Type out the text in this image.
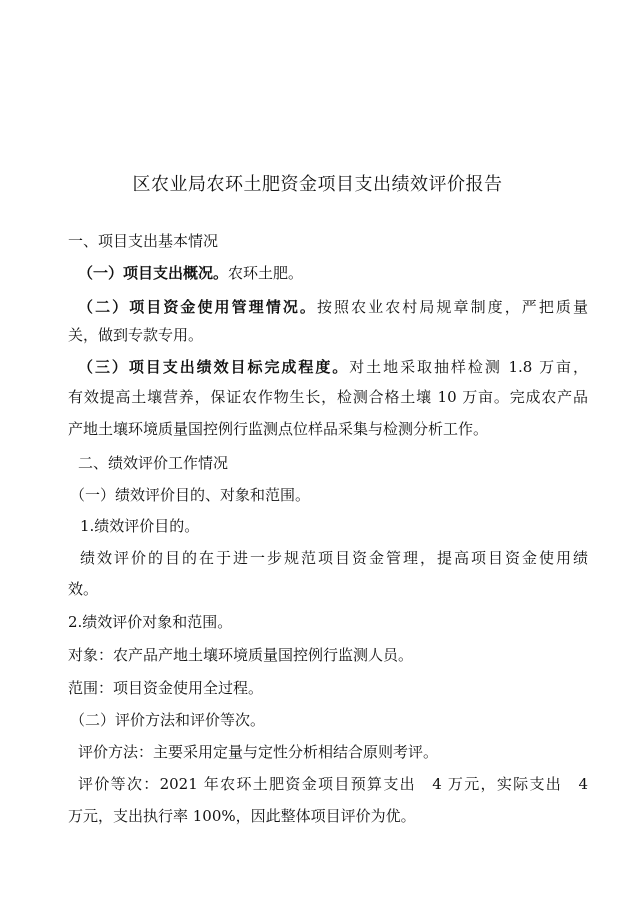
区农业局农环土肥资金项目支出绩效评价报告
一、项目支出基本情况
（一）项目支出概况。农环土肥。
（二）项目资金使用管理情况。按照农业农村局规章制度，严把质量
关，做到专款专用。
（三）项目支出绩效目标完成程度。对土地采取抽样检测 1.8 万亩，
有效提高土壤营养，保证农作物生长，检测合格土壤 10 万亩。完成农产品
产地土壤环境质量国控例行监测点位样品采集与检测分析工作。
二、绩效评价工作情况
（一）绩效评价目的、对象和范围。
1.绩效评价目的。
绩效评价的目的在于进一步规范项目资金管理，提高项目资金使用绩
效。
2.绩效评价对象和范围。
对象：农产品产地土壤环境质量国控例行监测人员。
范围：项目资金使用全过程。
（二）评价方法和评价等次。
评价方法：主要采用定量与定性分析相结合原则考评。
评价等次：2021 年农环土肥资金项目预算支出　4 万元，实际支出　4
万元，支出执行率 100%，因此整体项目评价为优。
